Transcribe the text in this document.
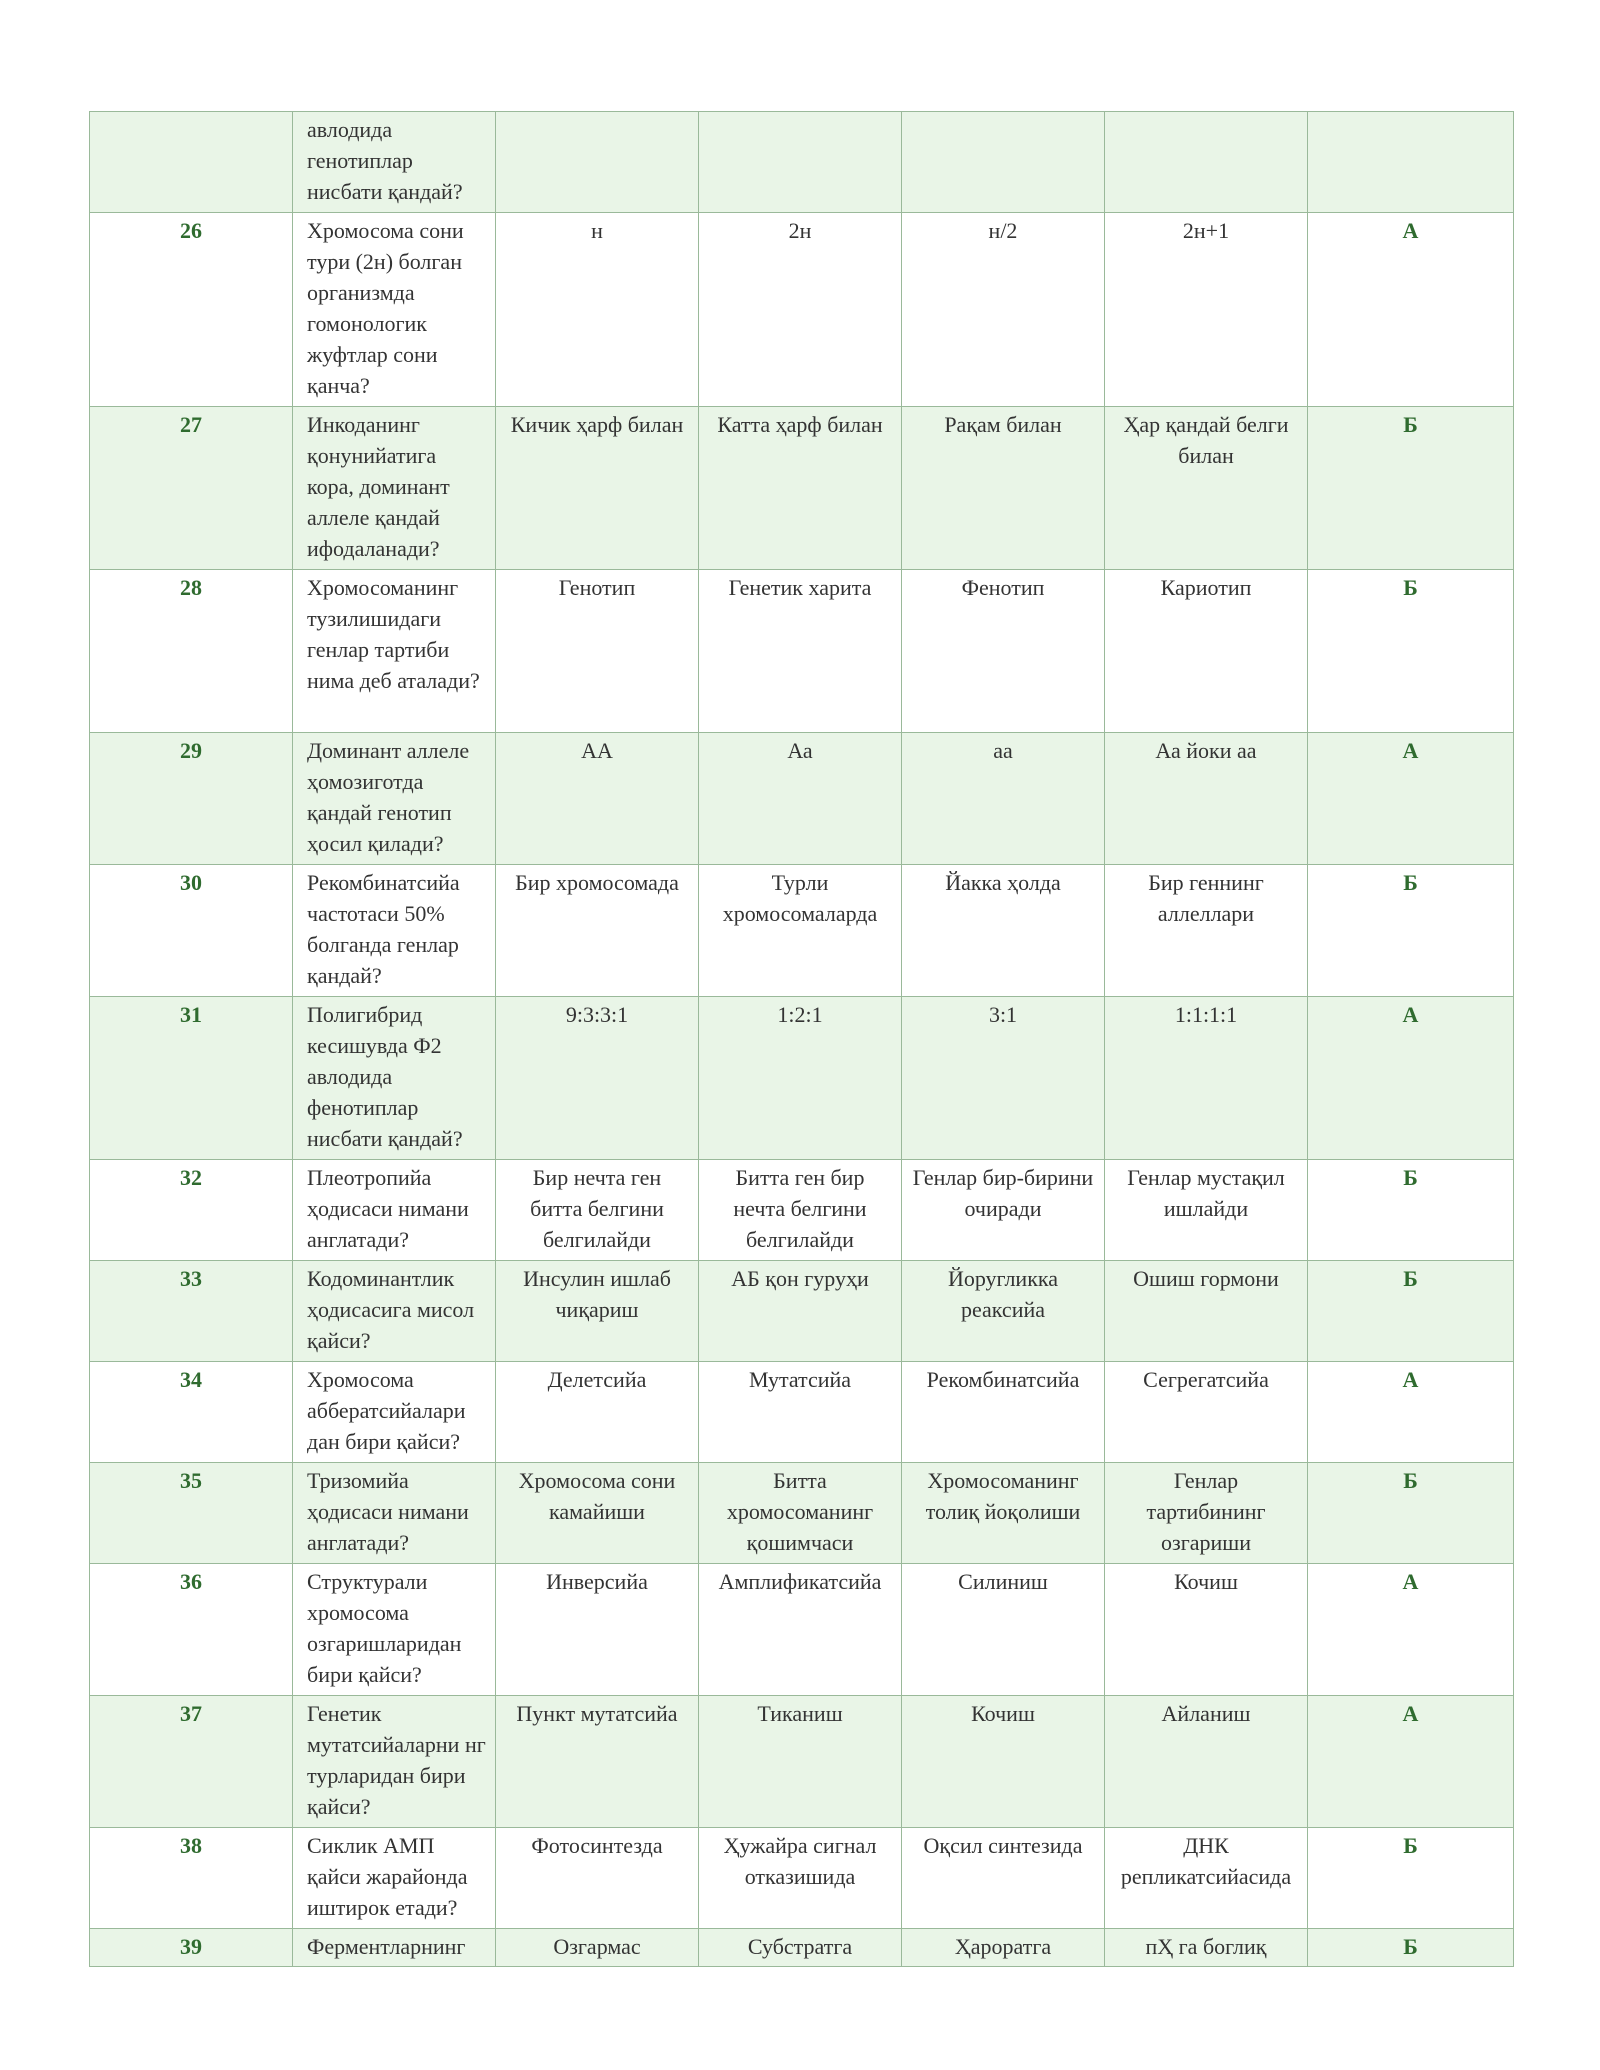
	авлодида генотиплар нисбати қандай?					
26	Хромосома сони тури (2н) болган организмда гомонологик жуфтлар сони қанча?	н	2н	н/2	2н+1	А
27	Инкоданинг қонунийатига кора, доминант аллеле қандай ифодаланади?	Кичик ҳарф билан	Катта ҳарф билан	Рақам билан	Ҳар қандай белги билан	Б
28	Хромосоманинг тузилишидаги генлар тартиби нима деб аталади?	Генотип	Генетик харита	Фенотип	Кариотип	Б
29	Доминант аллеле ҳомозиготда қандай генотип ҳосил қилади?	АА	Аа	аа	Аа йоки аа	А
30	Рекомбинатсийа частотаси 50% болганда генлар қандай?	Бир хромосомада	Турли хромосомаларда	Йакка ҳолда	Бир геннинг аллеллари	Б
31	Полигибрид кесишувда Ф2 авлодида фенотиплар нисбати қандай?	9:3:3:1	1:2:1	3:1	1:1:1:1	А
32	Плеотропийа ҳодисаси нимани англатади?	Бир нечта ген битта белгини белгилайди	Битта ген бир нечта белгини белгилайди	Генлар бир-бирини очиради	Генлар мустақил ишлайди	Б
33	Кодоминантлик ҳодисасига мисол қайси?	Инсулин ишлаб чиқариш	АБ қон гуруҳи	Йоругликка реаксийа	Ошиш гормони	Б
34	Хромосома аббератсийалари дан бири қайси?	Делетсийа	Мутатсийа	Рекомбинатсийа	Сегрегатсийа	А
35	Тризомийа ҳодисаси нимани англатади?	Хромосома сони камайиши	Битта хромосоманинг қошимчаси	Хромосоманинг толиқ йоқолиши	Генлар тартибининг озгариши	Б
36	Структурали хромосома озгаришларидан бири қайси?	Инверсийа	Амплификатсийа	Силиниш	Кочиш	А
37	Генетик мутатсийаларни нг турларидан бири қайси?	Пункт мутатсийа	Тиканиш	Кочиш	Айланиш	А
38	Сиклик АМП қайси жарайонда иштирок етади?	Фотосинтезда	Ҳужайра сигнал отказишида	Оқсил синтезида	ДНК репликатсийасида	Б
39	Ферментларнинг	Озгармас	Субстратга	Ҳароратга	пҲ га боглиқ	Б
